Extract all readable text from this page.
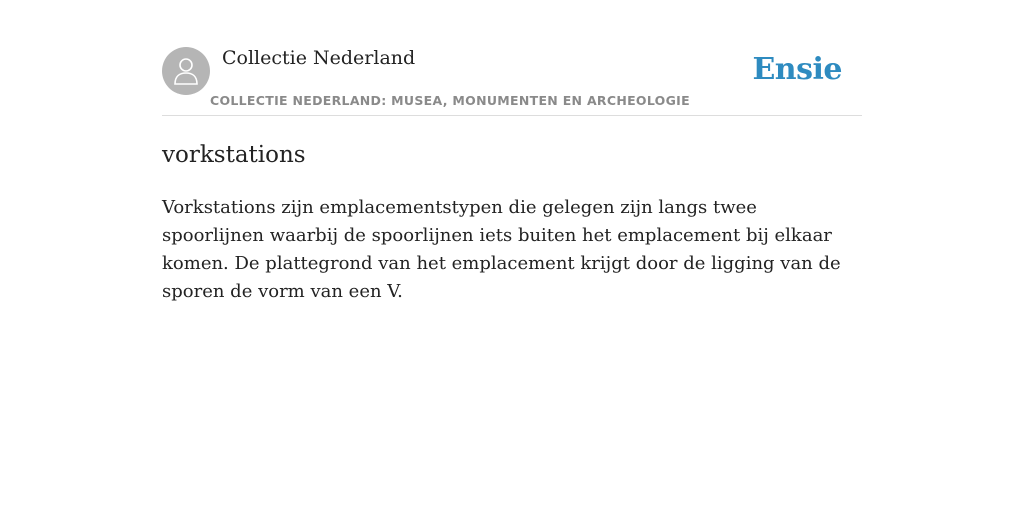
Collectie Nederland
COLLECTIE NEDERLAND: MUSEA, MONUMENTEN EN ARCHEOLOGIE
Ensie
vorkstations

Vorkstations zijn emplacementstypen die gelegen zijn langs twee spoorlijnen waarbij de spoorlijnen iets buiten het emplacement bij elkaar komen. De plattegrond van het emplacement krijgt door de ligging van de sporen de vorm van een V.
